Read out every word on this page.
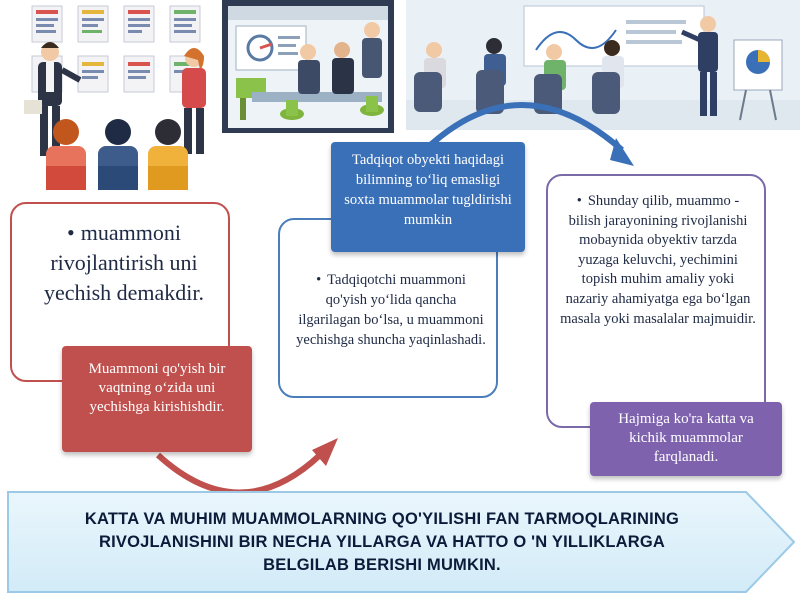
• muammoni rivojlantirish uni yechish demakdir.
Muammoni qo'yish bir vaqtning o‘zida uni yechishga kirishishdir.
• Tadqiqotchi muammoni qo'yish yo‘lida qancha ilgarilagan bo‘lsa, u muammoni yechishga shuncha yaqinlashadi.
Tadqiqot obyekti haqidagi bilimning to‘liq emasligi soxta muammolar tugldirishi mumkin
• Shunday qilib, muammo - bilish jarayonining rivojlanishi mobaynida obyektiv tarzda yuzaga keluvchi, yechimini topish muhim amaliy yoki nazariy ahamiyatga ega bo‘lgan masala yoki masalalar majmuidir.
Hajmiga ko'ra katta va kichik muammolar farqlanadi.
KATTA VA MUHIM MUAMMOLARNING QO'YILISHI FAN TARMOQLARINING
RIVOJLANISHINI BIR NECHA YILLARGA VA HATTO O 'N YILLIKLARGA
BELGILAB BERISHI MUMKIN.
